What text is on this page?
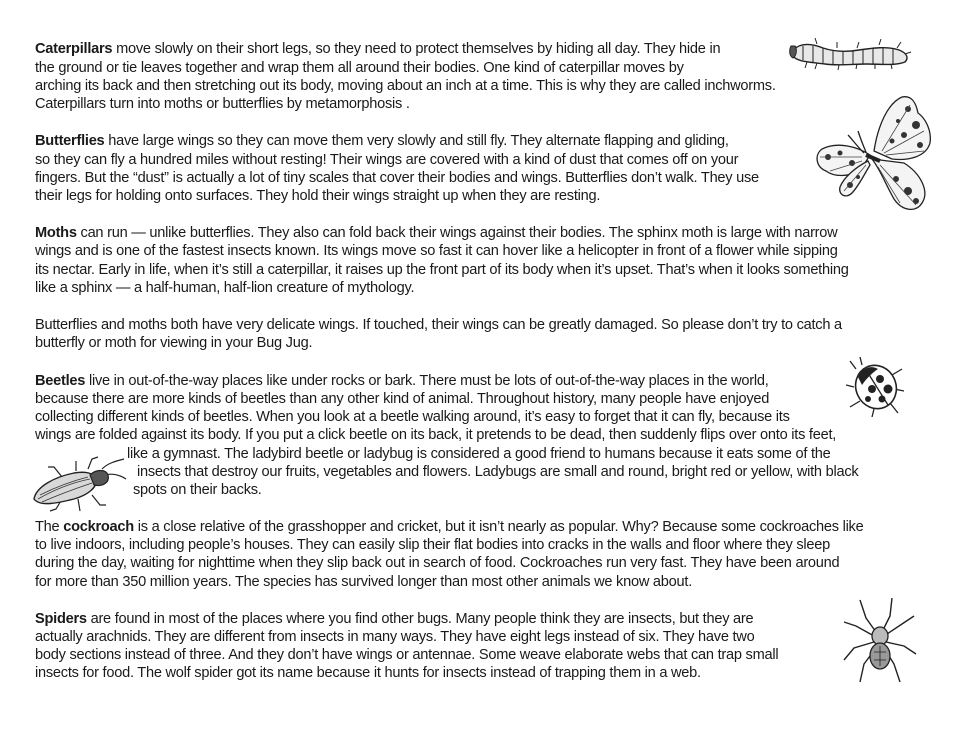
Caterpillars move slowly on their short legs, so they need to protect themselves by hiding all day. They hide in
the ground or tie leaves together and wrap them all around their bodies. One kind of caterpillar moves by
arching its back and then stretching out its body, moving about an inch at a time. This is why they are called inchworms.
Caterpillars turn into moths or butterflies by metamorphosis .
Butterflies have large wings so they can move them very slowly and still fly. They alternate flapping and gliding,
so they can fly a hundred miles without resting! Their wings are covered with a kind of dust that comes off on your
fingers. But the “dust” is actually a lot of tiny scales that cover their bodies and wings. Butterflies don’t walk. They use
their legs for holding onto surfaces. They hold their wings straight up when they are resting.
Moths can run — unlike butterflies. They also can fold back their wings against their bodies. The sphinx moth is large with narrow
wings and is one of the fastest insects known. Its wings move so fast it can hover like a helicopter in front of a flower while sipping
its nectar. Early in life, when it’s still a caterpillar, it raises up the front part of its body when it’s upset. That’s when it looks something
like a sphinx — a half-human, half-lion creature of mythology.
Butterflies and moths both have very delicate wings. If touched, their wings can be greatly damaged. So please don’t try to catch a
butterfly or moth for viewing in your Bug Jug.
Beetles live in out-of-the-way places like under rocks or bark. There must be lots of out-of-the-way places in the world,
because there are more kinds of beetles than any other kind of animal. Throughout history, many people have enjoyed
collecting different kinds of beetles. When you look at a beetle walking around, it’s easy to forget that it can fly, because its
wings are folded against its body. If you put a click beetle on its back, it pretends to be dead, then suddenly flips over onto its feet,
like a gymnast. The ladybird beetle or ladybug is considered a good friend to humans because it eats some of the
insects that destroy our fruits, vegetables and flowers. Ladybugs are small and round, bright red or yellow, with black
spots on their backs.
The cockroach is a close relative of the grasshopper and cricket, but it isn’t nearly as popular. Why? Because some cockroaches like
to live indoors, including people’s houses. They can easily slip their flat bodies into cracks in the walls and floor where they sleep
during the day, waiting for nighttime when they slip back out in search of food. Cockroaches run very fast. They have been around
for more than 350 million years. The species has survived longer than most other animals we know about.
Spiders are found in most of the places where you find other bugs. Many people think they are insects, but they are
actually arachnids. They are different from insects in many ways. They have eight legs instead of six. They have two
body sections instead of three. And they don’t have wings or antennae. Some weave elaborate webs that can trap small
insects for food. The wolf spider got its name because it hunts for insects instead of trapping them in a web.
